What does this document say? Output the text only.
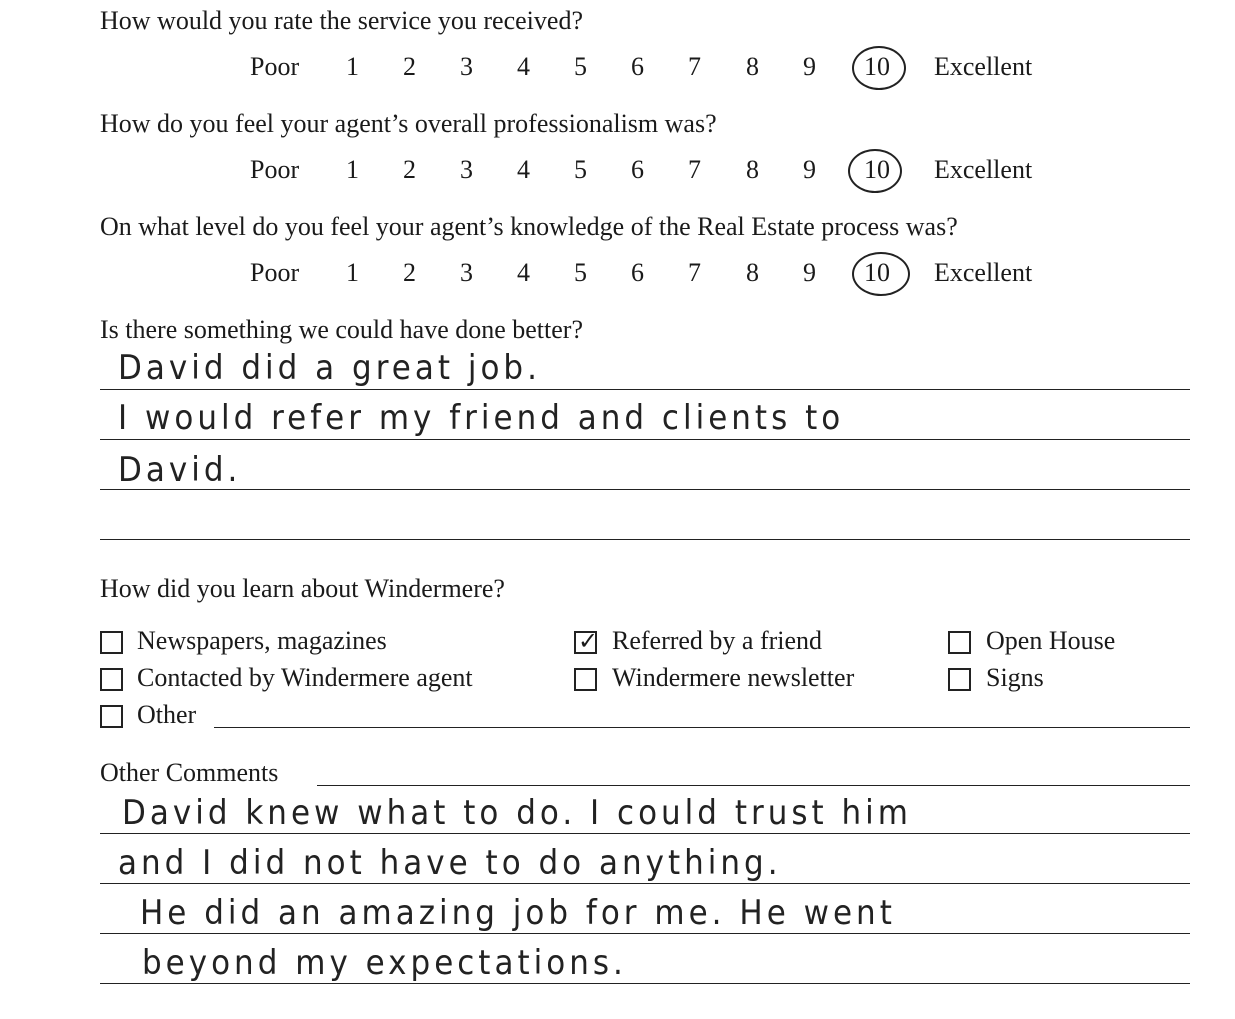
How would you rate the service you received?
Poor 1 2 3 4 5 6 7 8 9 10 Excellent
How do you feel your agent’s overall professionalism was?
Poor 1 2 3 4 5 6 7 8 9 10 Excellent
On what level do you feel your agent’s knowledge of the Real Estate process was?
Poor 1 2 3 4 5 6 7 8 9 10 Excellent
Is there something we could have done better?
David did a great job.
I would refer my friend and clients to
David.
How did you learn about Windermere?
Newspapers, magazines	✓ Referred by a friend	Open House
Contacted by Windermere agent	Windermere newsletter	Signs
Other
Other Comments
David knew what to do. I could trust him
and I did not have to do anything.
He did an amazing job for me. He went
beyond my expectations.
